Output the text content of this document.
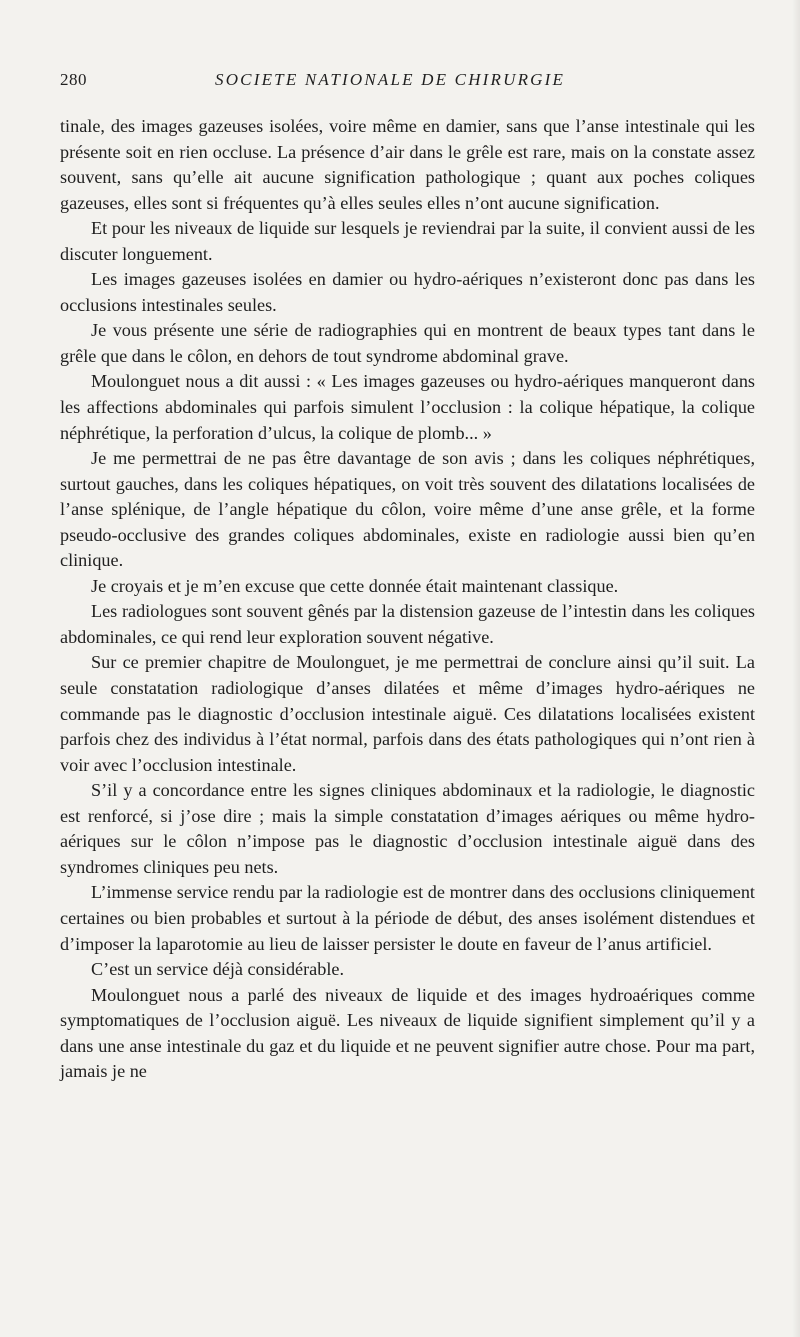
280	SOCIETE NATIONALE DE CHIRURGIE

tinale, des images gazeuses isolées, voire même en damier, sans que l’anse intestinale qui les présente soit en rien occluse. La présence d’air dans le grêle est rare, mais on la constate assez souvent, sans qu’elle ait aucune signification pathologique ; quant aux poches coliques gazeuses, elles sont si fréquentes qu’à elles seules elles n’ont aucune signification.

Et pour les niveaux de liquide sur lesquels je reviendrai par la suite, il convient aussi de les discuter longuement.

Les images gazeuses isolées en damier ou hydro-aériques n’existeront donc pas dans les occlusions intestinales seules.

Je vous présente une série de radiographies qui en montrent de beaux types tant dans le grêle que dans le côlon, en dehors de tout syndrome abdominal grave.

Moulonguet nous a dit aussi : « Les images gazeuses ou hydro-aériques manqueront dans les affections abdominales qui parfois simulent l’occlusion : la colique hépatique, la colique néphrétique, la perforation d’ulcus, la colique de plomb... »

Je me permettrai de ne pas être davantage de son avis ; dans les coliques néphrétiques, surtout gauches, dans les coliques hépatiques, on voit très souvent des dilatations localisées de l’anse splénique, de l’angle hépatique du côlon, voire même d’une anse grêle, et la forme pseudo-occlusive des grandes coliques abdominales, existe en radiologie aussi bien qu’en clinique.

Je croyais et je m’en excuse que cette donnée était maintenant classique.

Les radiologues sont souvent gênés par la distension gazeuse de l’intestin dans les coliques abdominales, ce qui rend leur exploration souvent négative.

Sur ce premier chapitre de Moulonguet, je me permettrai de conclure ainsi qu’il suit. La seule constatation radiologique d’anses dilatées et même d’images hydro-aériques ne commande pas le diagnostic d’occlusion intestinale aiguë. Ces dilatations localisées existent parfois chez des individus à l’état normal, parfois dans des états pathologiques qui n’ont rien à voir avec l’occlusion intestinale.

S’il y a concordance entre les signes cliniques abdominaux et la radiologie, le diagnostic est renforcé, si j’ose dire ; mais la simple constatation d’images aériques ou même hydro-aériques sur le côlon n’impose pas le diagnostic d’occlusion intestinale aiguë dans des syndromes cliniques peu nets.

L’immense service rendu par la radiologie est de montrer dans des occlusions cliniquement certaines ou bien probables et surtout à la période de début, des anses isolément distendues et d’imposer la laparotomie au lieu de laisser persister le doute en faveur de l’anus artificiel.

C’est un service déjà considérable.

Moulonguet nous a parlé des niveaux de liquide et des images hydroaériques comme symptomatiques de l’occlusion aiguë. Les niveaux de liquide signifient simplement qu’il y a dans une anse intestinale du gaz et du liquide et ne peuvent signifier autre chose. Pour ma part, jamais je ne
